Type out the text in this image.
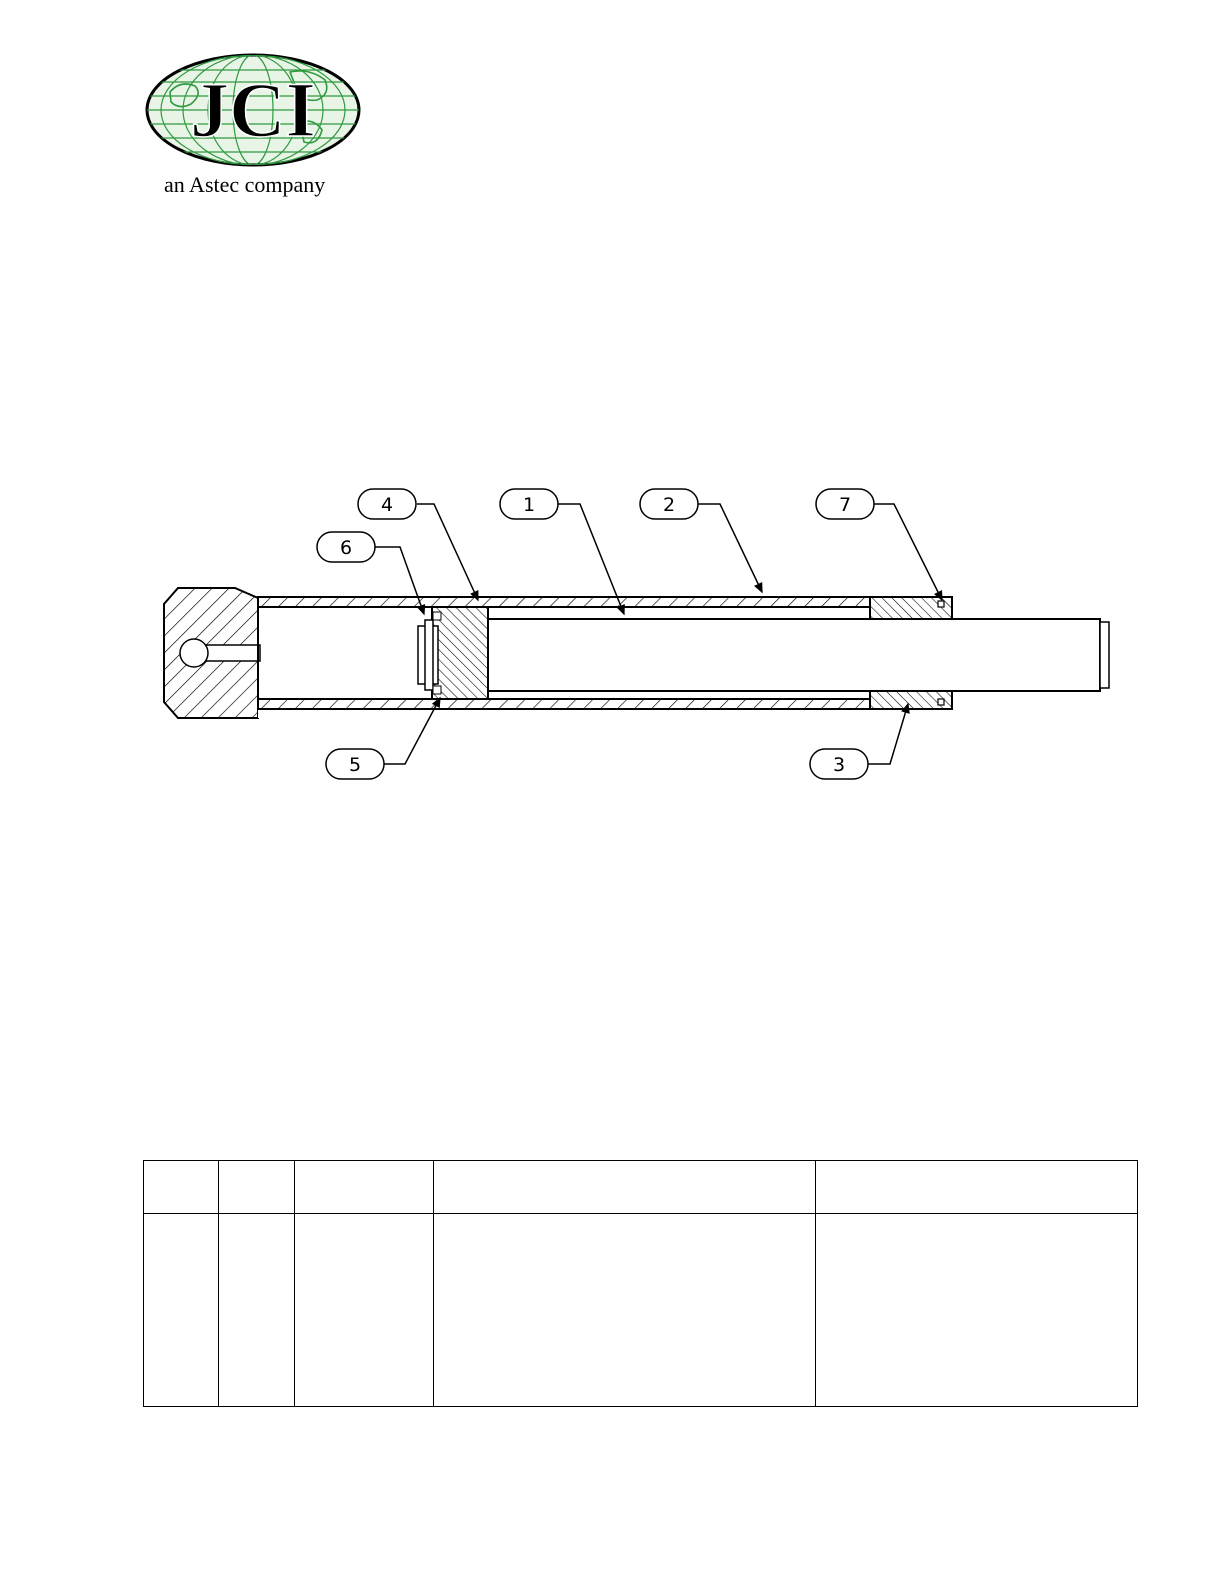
JCI
an Astec company
4	1	2	7
6
5	3
